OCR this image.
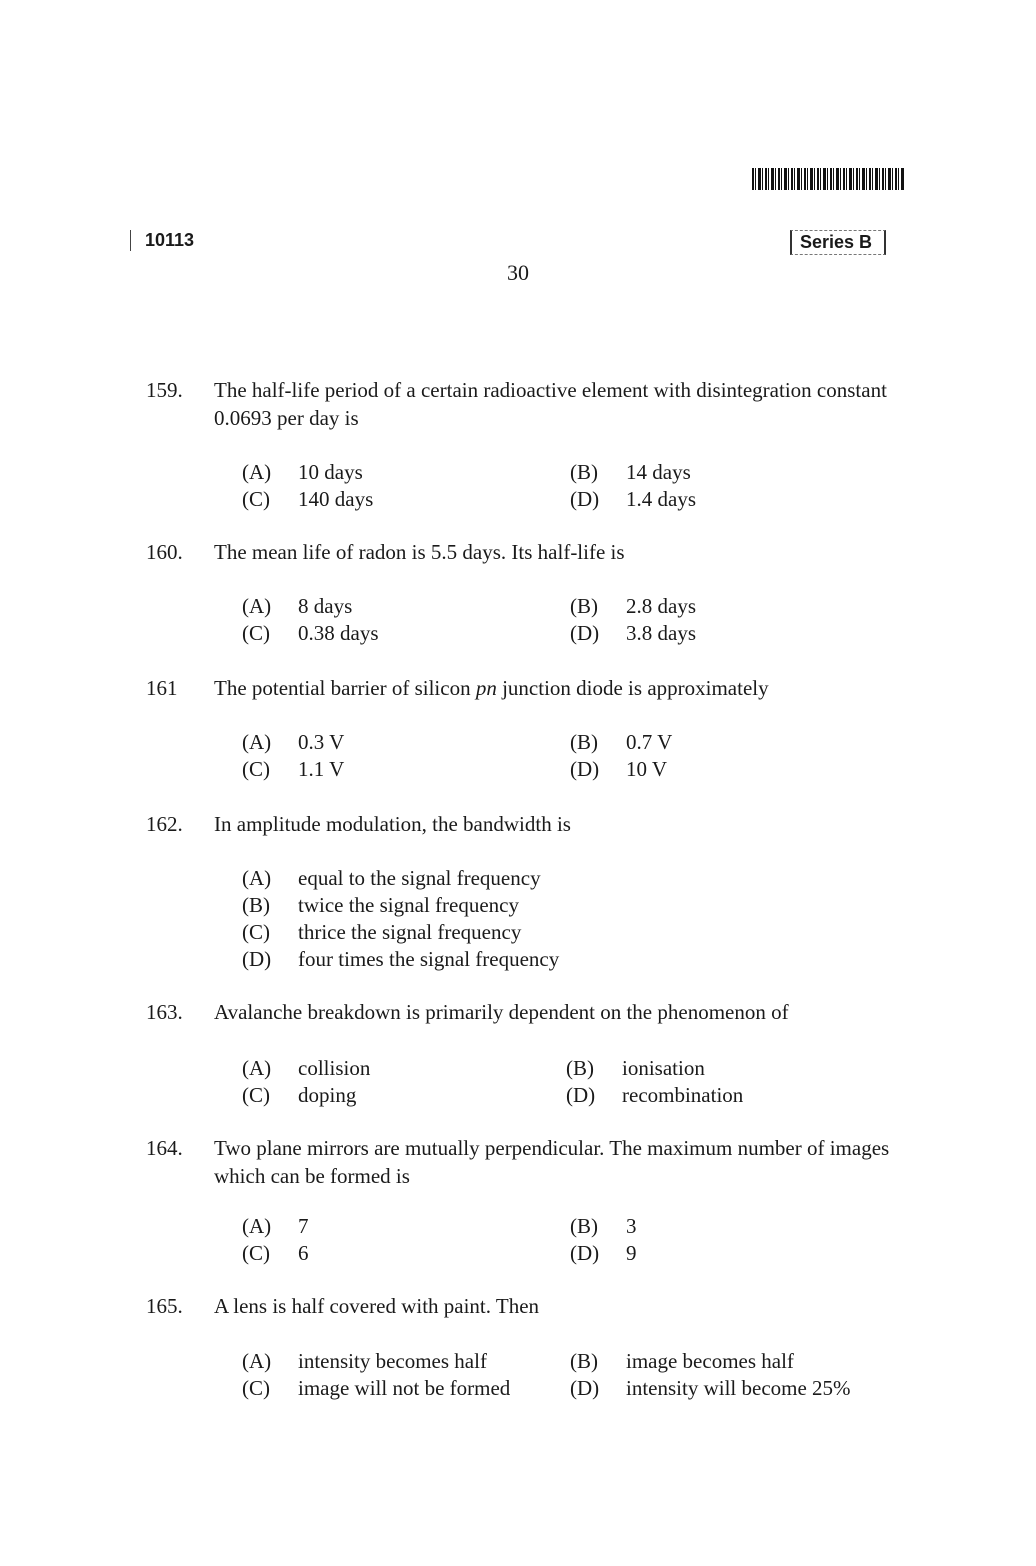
10113	Series B
30
159. The half-life period of a certain radioactive element with disintegration constant 0.0693 per day is
(A) 10 days	(B) 14 days
(C) 140 days	(D) 1.4 days
160. The mean life of radon is 5.5 days. Its half-life is
(A) 8 days	(B) 2.8 days
(C) 0.38 days	(D) 3.8 days
161 The potential barrier of silicon pn junction diode is approximately
(A) 0.3 V	(B) 0.7 V
(C) 1.1 V	(D) 10 V
162. In amplitude modulation, the bandwidth is
(A) equal to the signal frequency
(B) twice the signal frequency
(C) thrice the signal frequency
(D) four times the signal frequency
163. Avalanche breakdown is primarily dependent on the phenomenon of
(A) collision	(B) ionisation
(C) doping	(D) recombination
164. Two plane mirrors are mutually perpendicular. The maximum number of images which can be formed is
(A) 7	(B) 3
(C) 6	(D) 9
165. A lens is half covered with paint. Then
(A) intensity becomes half	(B) image becomes half
(C) image will not be formed	(D) intensity will become 25%
